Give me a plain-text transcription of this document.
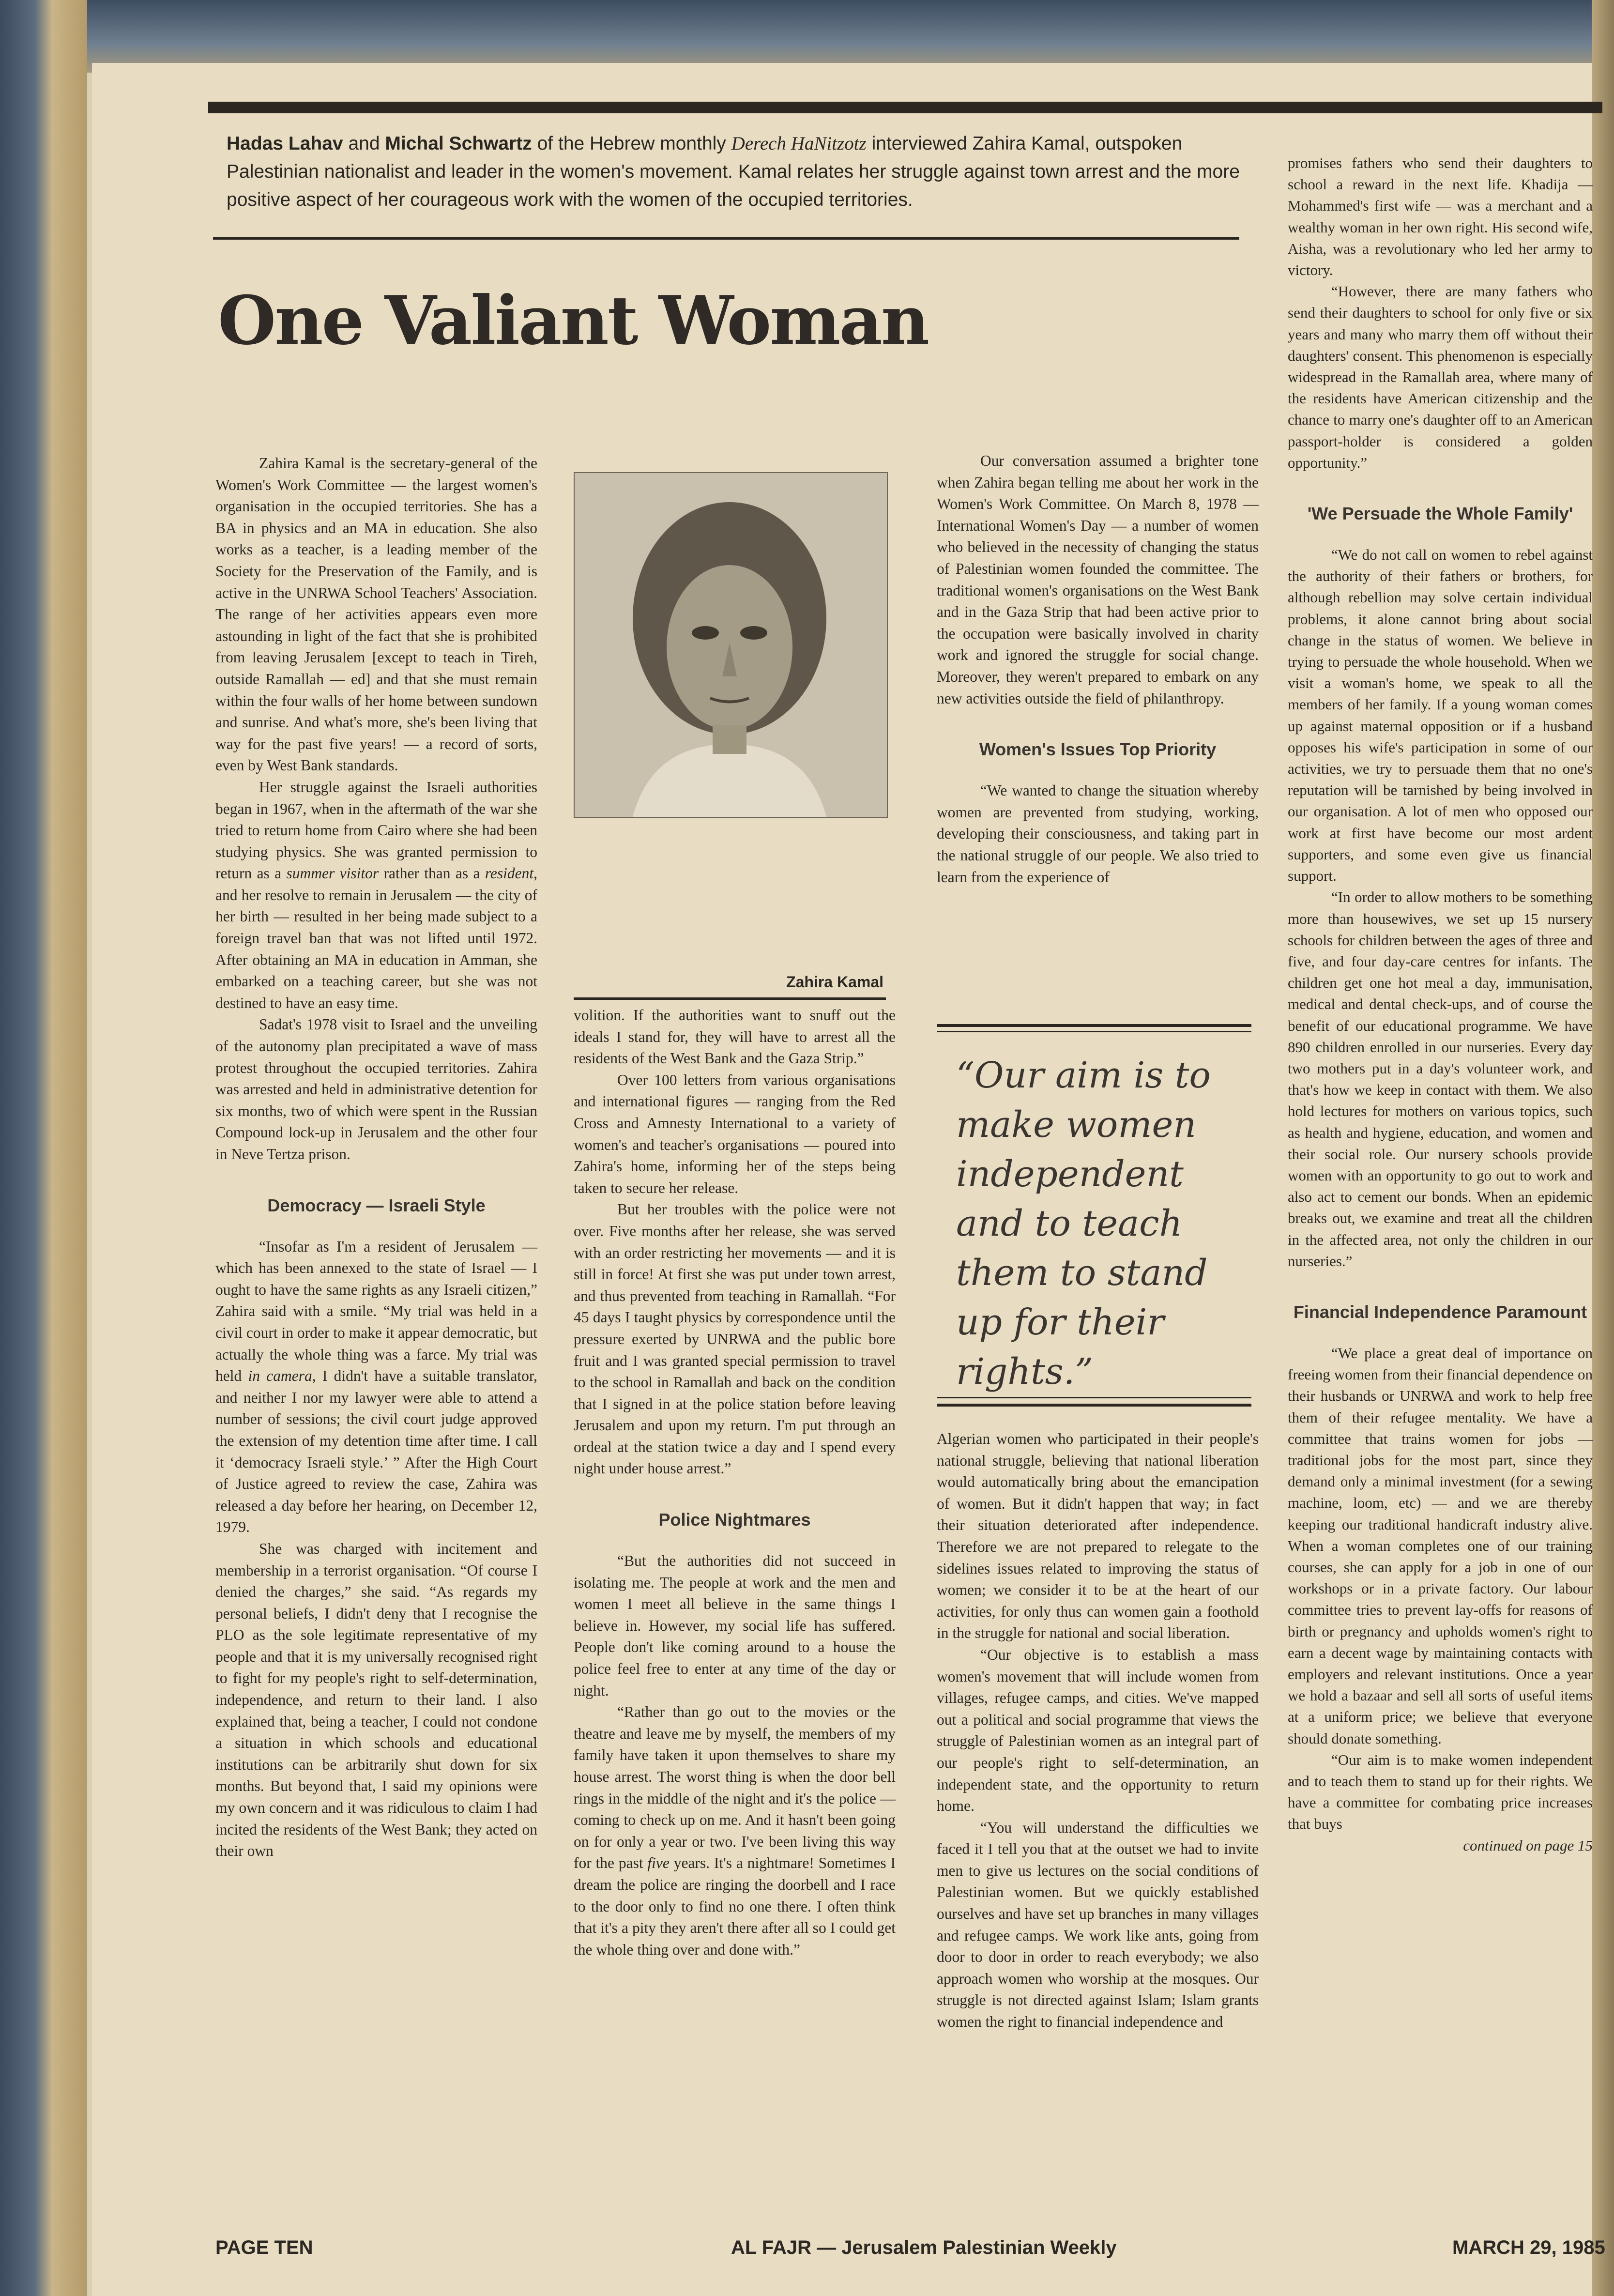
Hadas Lahav and Michal Schwartz of the Hebrew monthly Derech HaNitzotz interviewed Zahira Kamal, outspoken Palestinian nationalist and leader in the women's movement. Kamal relates her struggle against town arrest and the more positive aspect of her courageous work with the women of the occupied territories.
One Valiant Woman

Zahira Kamal is the secretary-general of the Women's Work Committee — the largest women's organisation in the occupied territories. She has a BA in physics and an MA in education. She also works as a teacher, is a leading member of the Society for the Preservation of the Family, and is active in the UNRWA School Teachers' Association. The range of her activities appears even more astounding in light of the fact that she is prohibited from leaving Jerusalem [except to teach in Tireh, outside Ramallah — ed] and that she must remain within the four walls of her home between sundown and sunrise. And what's more, she's been living that way for the past five years! — a record of sorts, even by West Bank standards.

Her struggle against the Israeli authorities began in 1967, when in the aftermath of the war she tried to return home from Cairo where she had been studying physics. She was granted permission to return as a summer visitor rather than as a resident, and her resolve to remain in Jerusalem — the city of her birth — resulted in her being made subject to a foreign travel ban that was not lifted until 1972. After obtaining an MA in education in Amman, she embarked on a teaching career, but she was not destined to have an easy time.

Sadat's 1978 visit to Israel and the unveiling of the autonomy plan precipitated a wave of mass protest throughout the occupied territories. Zahira was arrested and held in administrative detention for six months, two of which were spent in the Russian Compound lock-up in Jerusalem and the other four in Neve Tertza prison.

Democracy — Israeli Style

“Insofar as I'm a resident of Jerusalem — which has been annexed to the state of Israel — I ought to have the same rights as any Israeli citizen,” Zahira said with a smile. “My trial was held in a civil court in order to make it appear democratic, but actually the whole thing was a farce. My trial was held in camera, I didn't have a suitable translator, and neither I nor my lawyer were able to attend a number of sessions; the civil court judge approved the extension of my detention time after time. I call it ‘democracy Israeli style.’ ” After the High Court of Justice agreed to review the case, Zahira was released a day before her hearing, on December 12, 1979.

She was charged with incitement and membership in a terrorist organisation. “Of course I denied the charges,” she said. “As regards my personal beliefs, I didn't deny that I recognise the PLO as the sole legitimate representative of my people and that it is my universally recognised right to fight for my people's right to self-determination, independence, and return to their land. I also explained that, being a teacher, I could not condone a situation in which schools and educational institutions can be arbitrarily shut down for six months. But beyond that, I said my opinions were my own concern and it was ridiculous to claim I had incited the residents of the West Bank; they acted on their own

Zahira Kamal

volition. If the authorities want to snuff out the ideals I stand for, they will have to arrest all the residents of the West Bank and the Gaza Strip.”

Over 100 letters from various organisations and international figures — ranging from the Red Cross and Amnesty International to a variety of women's and teacher's organisations — poured into Zahira's home, informing her of the steps being taken to secure her release.

But her troubles with the police were not over. Five months after her release, she was served with an order restricting her movements — and it is still in force! At first she was put under town arrest, and thus prevented from teaching in Ramallah. “For 45 days I taught physics by correspondence until the pressure exerted by UNRWA and the public bore fruit and I was granted special permission to travel to the school in Ramallah and back on the condition that I signed in at the police station before leaving Jerusalem and upon my return. I'm put through an ordeal at the station twice a day and I spend every night under house arrest.”

Police Nightmares

“But the authorities did not succeed in isolating me. The people at work and the men and women I meet all believe in the same things I believe in. However, my social life has suffered. People don't like coming around to a house the police feel free to enter at any time of the day or night.

“Rather than go out to the movies or the theatre and leave me by myself, the members of my family have taken it upon themselves to share my house arrest. The worst thing is when the door bell rings in the middle of the night and it's the police — coming to check up on me. And it hasn't been going on for only a year or two. I've been living this way for the past five years. It's a nightmare! Sometimes I dream the police are ringing the doorbell and I race to the door only to find no one there. I often think that it's a pity they aren't there after all so I could get the whole thing over and done with.”

Our conversation assumed a brighter tone when Zahira began telling me about her work in the Women's Work Committee. On March 8, 1978 — International Women's Day — a number of women who believed in the necessity of changing the status of Palestinian women founded the committee. The traditional women's organisations on the West Bank and in the Gaza Strip that had been active prior to the occupation were basically involved in charity work and ignored the struggle for social change. Moreover, they weren't prepared to embark on any new activities outside the field of philanthropy.

Women's Issues Top Priority

“We wanted to change the situation whereby women are prevented from studying, working, developing their consciousness, and taking part in the national struggle of our people. We also tried to learn from the experience of

“Our aim is to make women independent and to teach them to stand up for their rights.”

Algerian women who participated in their people's national struggle, believing that national liberation would automatically bring about the emancipation of women. But it didn't happen that way; in fact their situation deteriorated after independence. Therefore we are not prepared to relegate to the sidelines issues related to improving the status of women; we consider it to be at the heart of our activities, for only thus can women gain a foothold in the struggle for national and social liberation.

“Our objective is to establish a mass women's movement that will include women from villages, refugee camps, and cities. We've mapped out a political and social programme that views the struggle of Palestinian women as an integral part of our people's right to self-determination, an independent state, and the opportunity to return home.

“You will understand the difficulties we faced it I tell you that at the outset we had to invite men to give us lectures on the social conditions of Palestinian women. But we quickly established ourselves and have set up branches in many villages and refugee camps. We work like ants, going from door to door in order to reach everybody; we also approach women who worship at the mosques. Our struggle is not directed against Islam; Islam grants women the right to financial independence and

promises fathers who send their daughters to school a reward in the next life. Khadija — Mohammed's first wife — was a merchant and a wealthy woman in her own right. His second wife, Aisha, was a revolutionary who led her army to victory.

“However, there are many fathers who send their daughters to school for only five or six years and many who marry them off without their daughters' consent. This phenomenon is especially widespread in the Ramallah area, where many of the residents have American citizenship and the chance to marry one's daughter off to an American passport-holder is considered a golden opportunity.”

'We Persuade the Whole Family'

“We do not call on women to rebel against the authority of their fathers or brothers, for although rebellion may solve certain individual problems, it alone cannot bring about social change in the status of women. We believe in trying to persuade the whole household. When we visit a woman's home, we speak to all the members of her family. If a young woman comes up against maternal opposition or if a husband opposes his wife's participation in some of our activities, we try to persuade them that no one's reputation will be tarnished by being involved in our organisation. A lot of men who opposed our work at first have become our most ardent supporters, and some even give us financial support.

“In order to allow mothers to be something more than housewives, we set up 15 nursery schools for children between the ages of three and five, and four day-care centres for infants. The children get one hot meal a day, immunisation, medical and dental check-ups, and of course the benefit of our educational programme. We have 890 children enrolled in our nurseries. Every day two mothers put in a day's volunteer work, and that's how we keep in contact with them. We also hold lectures for mothers on various topics, such as health and hygiene, education, and women and their social role. Our nursery schools provide women with an opportunity to go out to work and also act to cement our bonds. When an epidemic breaks out, we examine and treat all the children in the affected area, not only the children in our nurseries.”

Financial Independence Paramount

“We place a great deal of importance on freeing women from their financial dependence on their husbands or UNRWA and work to help free them of their refugee mentality. We have a committee that trains women for jobs — traditional jobs for the most part, since they demand only a minimal investment (for a sewing machine, loom, etc) — and we are thereby keeping our traditional handicraft industry alive. When a woman completes one of our training courses, she can apply for a job in one of our workshops or in a private factory. Our labour committee tries to prevent lay-offs for reasons of birth or pregnancy and upholds women's right to earn a decent wage by maintaining contacts with employers and relevant institutions. Once a year we hold a bazaar and sell all sorts of useful items at a uniform price; we believe that everyone should donate something.

“Our aim is to make women independent and to teach them to stand up for their rights. We have a committee for combating price increases that buys

continued on page 15

PAGE TEN	AL FAJR — Jerusalem Palestinian Weekly	MARCH 29, 1985
